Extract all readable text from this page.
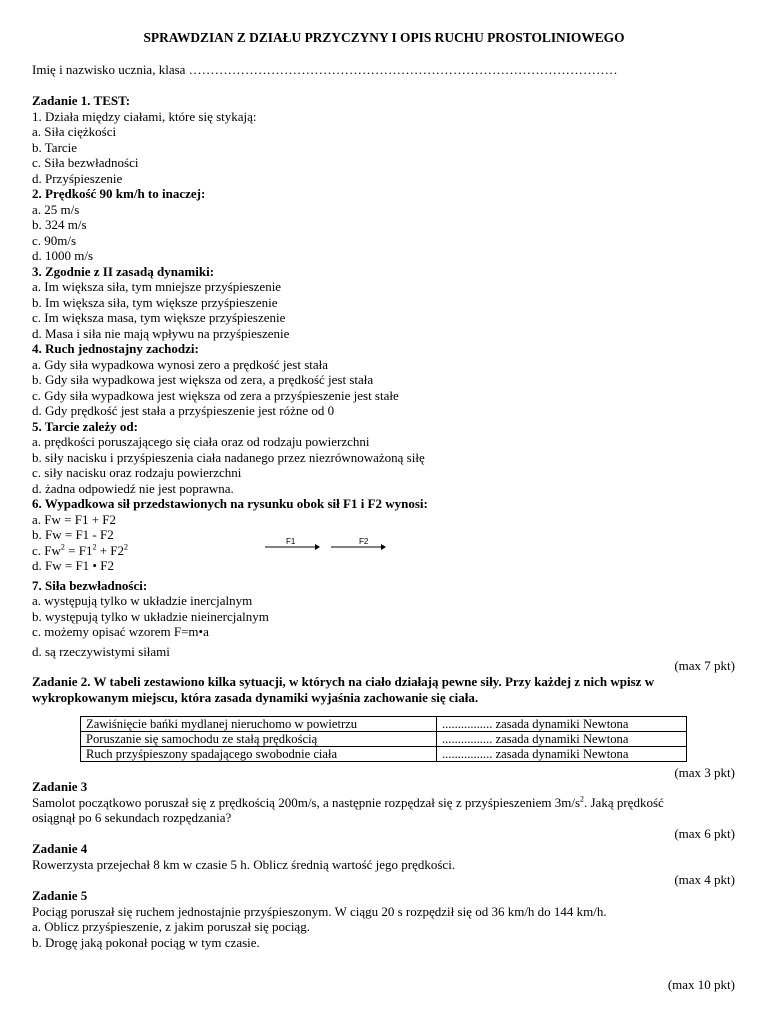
SPRAWDZIAN Z DZIAŁU PRZYCZYNY I OPIS RUCHU PROSTOLINIOWEGO
Imię i nazwisko ucznia, klasa ………………………………………………………………………………………
Zadanie 1. TEST:
1. Działa między ciałami, które się stykają:
a. Siła ciężkości
b. Tarcie
c. Siła bezwładności
d. Przyśpieszenie
2. Prędkość 90 km/h to inaczej:
a. 25 m/s
b. 324 m/s
c. 90m/s
d. 1000 m/s
3. Zgodnie z II zasadą dynamiki:
a. Im większa siła, tym mniejsze przyśpieszenie
b. Im większa siła, tym większe przyśpieszenie
c. Im większa masa, tym większe przyśpieszenie
d. Masa i siła nie mają wpływu na przyśpieszenie
4. Ruch jednostajny zachodzi:
a. Gdy siła wypadkowa wynosi zero a prędkość jest stała
b. Gdy siła wypadkowa jest większa od zera, a prędkość jest stała
c. Gdy siła wypadkowa jest większa od zera a przyśpieszenie jest stałe
d. Gdy prędkość jest stała a przyśpieszenie jest różne od 0
5. Tarcie zależy od:
a. prędkości poruszającego się ciała oraz od rodzaju powierzchni
b. siły nacisku i przyśpieszenia ciała nadanego przez niezrównoważoną siłę
c. siły nacisku oraz rodzaju powierzchni
d. żadna odpowiedź nie jest poprawna.
6. Wypadkowa sił przedstawionych na rysunku obok sił F1 i F2 wynosi:
a. Fw = F1 + F2
b. Fw = F1 - F2
c. $Fw^2 = F1^2 + F2^2$
d. Fw = F1 • F2
7. Siła bezwładności:
a. występują tylko w układzie inercjalnym
b. występują tylko w układzie nieinercjalnym
c. możemy opisać wzorem F=m•a
d. są rzeczywistymi siłami
F1	F2
(max 7 pkt)
Zadanie 2. W tabeli zestawiono kilka sytuacji, w których na ciało działają pewne siły. Przy każdej z nich wpisz w
wykropkowanym miejscu, która zasada dynamiki wyjaśnia zachowanie się ciała.
Zawiśnięcie bańki mydlanej nieruchomo w powietrzu	................ zasada dynamiki Newtona
Poruszanie się samochodu ze stałą prędkością	................ zasada dynamiki Newtona
Ruch przyśpieszony spadającego swobodnie ciała	................ zasada dynamiki Newtona
(max 3 pkt)
Zadanie 3
Samolot początkowo poruszał się z prędkością 200m/s, a następnie rozpędzał się z przyśpieszeniem $3m/s^2$. Jaką prędkość
osiągnął po 6 sekundach rozpędzania?
(max 6 pkt)
Zadanie 4
Rowerzysta przejechał 8 km w czasie 5 h. Oblicz średnią wartość jego prędkości.
(max 4 pkt)
Zadanie 5
Pociąg poruszał się ruchem jednostajnie przyśpieszonym. W ciągu 20 s rozpędził się od 36 km/h do 144 km/h.
a. Oblicz przyśpieszenie, z jakim poruszał się pociąg.
b. Drogę jaką pokonał pociąg w tym czasie.
(max 10 pkt)
